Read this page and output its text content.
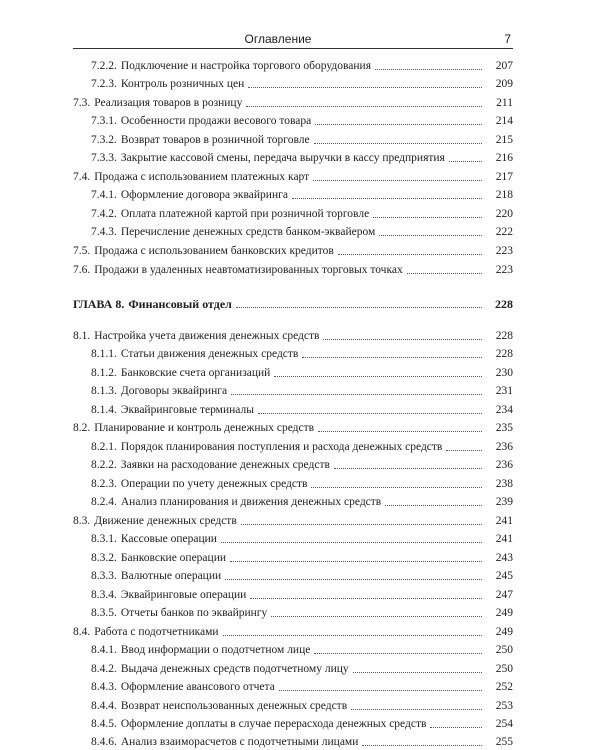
Оглавление	7
7.2.2. Подключение и настройка торгового оборудования	207
7.2.3. Контроль розничных цен	209
7.3. Реализация товаров в розницу	211
7.3.1. Особенности продажи весового товара	214
7.3.2. Возврат товаров в розничной торговле	215
7.3.3. Закрытие кассовой смены, передача выручки в кассу предприятия	216
7.4. Продажа с использованием платежных карт	217
7.4.1. Оформление договора эквайринга	218
7.4.2. Оплата платежной картой при розничной торговле	220
7.4.3. Перечисление денежных средств банком-эквайером	222
7.5. Продажа с использованием банковских кредитов	223
7.6. Продажи в удаленных неавтоматизированных торговых точках	223
ГЛАВА 8. Финансовый отдел	228
8.1. Настройка учета движения денежных средств	228
8.1.1. Статьи движения денежных средств	228
8.1.2. Банковские счета организаций	230
8.1.3. Договоры эквайринга	231
8.1.4. Эквайринговые терминалы	234
8.2. Планирование и контроль денежных средств	235
8.2.1. Порядок планирования поступления и расхода денежных средств	236
8.2.2. Заявки на расходование денежных средств	236
8.2.3. Операции по учету денежных средств	238
8.2.4. Анализ планирования и движения денежных средств	239
8.3. Движение денежных средств	241
8.3.1. Кассовые операции	241
8.3.2. Банковские операции	243
8.3.3. Валютные операции	245
8.3.4. Эквайринговые операции	247
8.3.5. Отчеты банков по эквайрингу	249
8.4. Работа с подотчетниками	249
8.4.1. Ввод информации о подотчетном лице	250
8.4.2. Выдача денежных средств подотчетному лицу	250
8.4.3. Оформление авансового отчета	252
8.4.4. Возврат неиспользованных денежных средств	253
8.4.5. Оформление доплаты в случае перерасхода денежных средств	254
8.4.6. Анализ взаиморасчетов с подотчетными лицами	255
